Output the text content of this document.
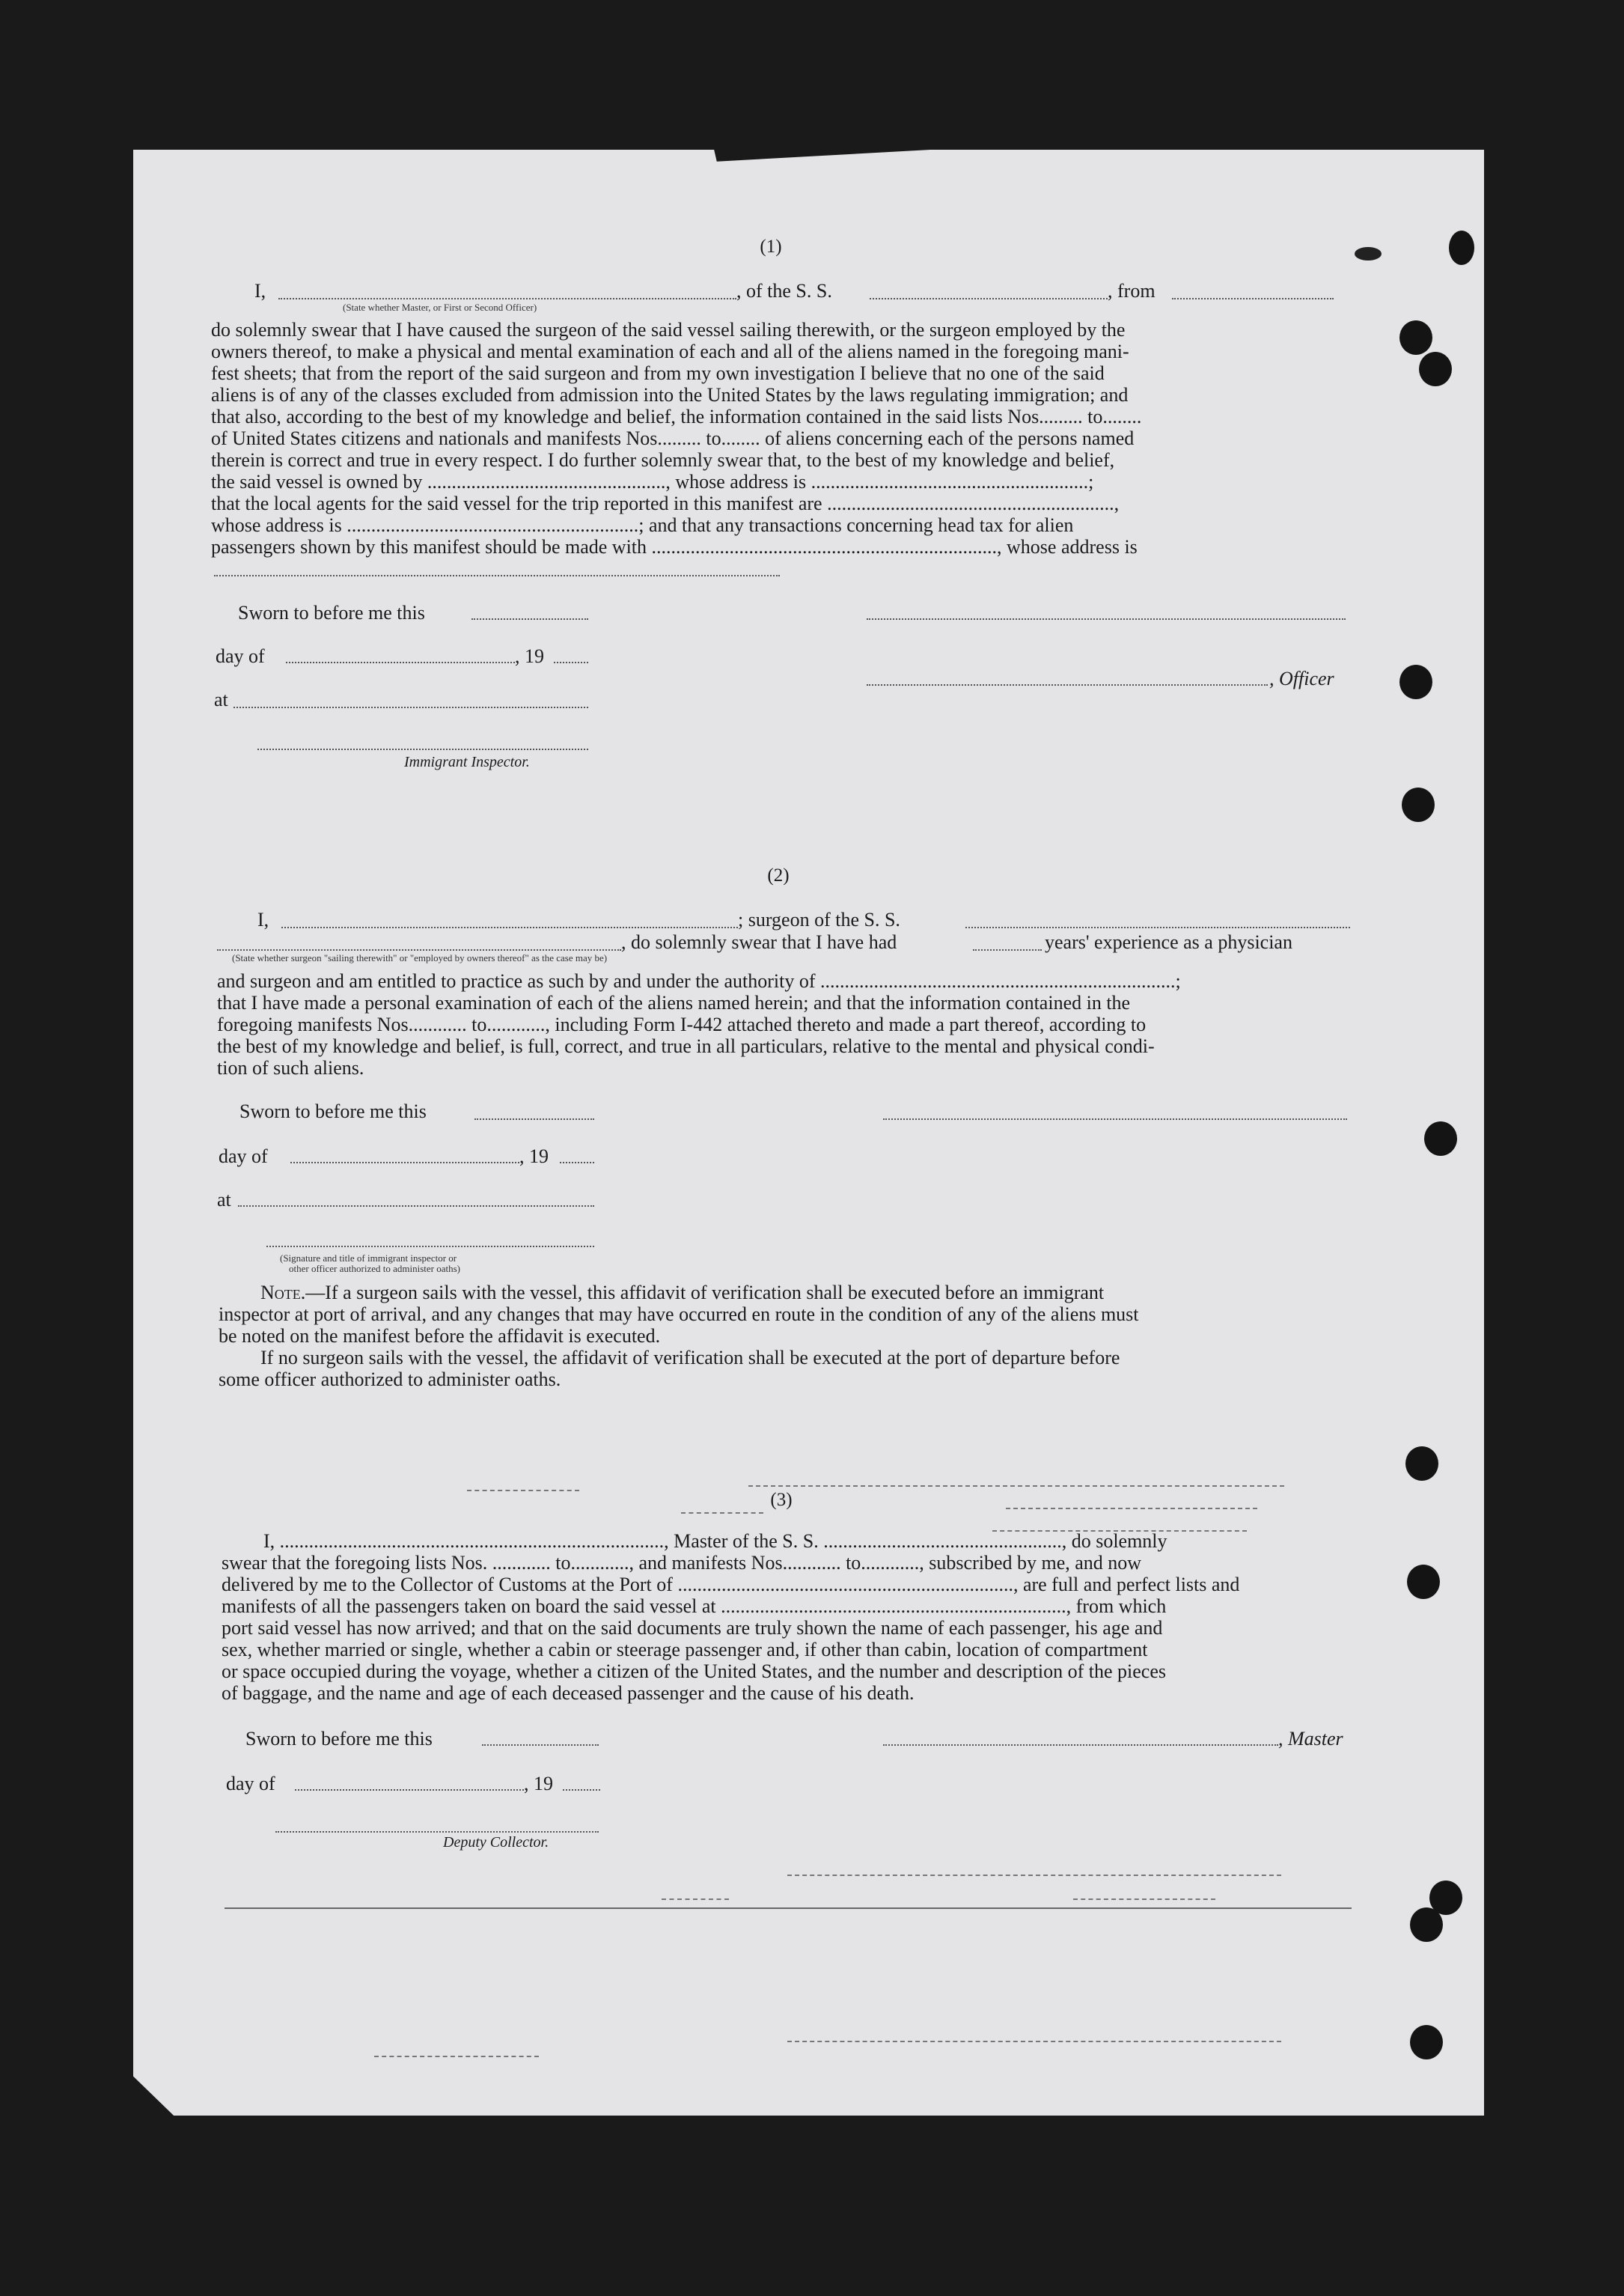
(1)
I,	, of the S. S.	, from
(State whether Master, or First or Second Officer)
do solemnly swear that I have caused the surgeon of the said vessel sailing therewith, or the surgeon employed by the
owners thereof, to make a physical and mental examination of each and all of the aliens named in the foregoing mani-
fest sheets; that from the report of the said surgeon and from my own investigation I believe that no one of the said
aliens is of any of the classes excluded from admission into the United States by the laws regulating immigration; and
that also, according to the best of my knowledge and belief, the information contained in the said lists Nos......... to........
of United States citizens and nationals and manifests Nos......... to........ of aliens concerning each of the persons named
therein is correct and true in every respect. I do further solemnly swear that, to the best of my knowledge and belief,
the said vessel is owned by ................................................., whose address is .........................................................;
that the local agents for the said vessel for the trip reported in this manifest are ...........................................................,
whose address is ............................................................; and that any transactions concerning head tax for alien
passengers shown by this manifest should be made with ......................................................................., whose address is
Sworn to before me this
day of	, 19
, Officer
at
Immigrant Inspector.
(2)
I,	; surgeon of the S. S.
, do solemnly swear that I have had	years' experience as a physician
(State whether surgeon "sailing therewith" or "employed by owners thereof" as the case may be)
and surgeon and am entitled to practice as such by and under the authority of .........................................................................;
that I have made a personal examination of each of the aliens named herein; and that the information contained in the
foregoing manifests Nos............ to............, including Form I-442 attached thereto and made a part thereof, according to
the best of my knowledge and belief, is full, correct, and true in all particulars, relative to the mental and physical condi-
tion of such aliens.
Sworn to before me this
day of	, 19
at
(Signature and title of immigrant inspector or
other officer authorized to administer oaths)
Note.—If a surgeon sails with the vessel, this affidavit of verification shall be executed before an immigrant
inspector at port of arrival, and any changes that may have occurred en route in the condition of any of the aliens must
be noted on the manifest before the affidavit is executed.
If no surgeon sails with the vessel, the affidavit of verification shall be executed at the port of departure before
some officer authorized to administer oaths.
(3)
I, ..............................................................................., Master of the S. S. ................................................., do solemnly
swear that the foregoing lists Nos. ............ to............, and manifests Nos............ to............, subscribed by me, and now
delivered by me to the Collector of Customs at the Port of ....................................................................., are full and perfect lists and
manifests of all the passengers taken on board the said vessel at ......................................................................., from which
port said vessel has now arrived; and that on the said documents are truly shown the name of each passenger, his age and
sex, whether married or single, whether a cabin or steerage passenger and, if other than cabin, location of compartment
or space occupied during the voyage, whether a citizen of the United States, and the number and description of the pieces
of baggage, and the name and age of each deceased passenger and the cause of his death.
Sworn to before me this	, Master
day of	, 19
Deputy Collector.
